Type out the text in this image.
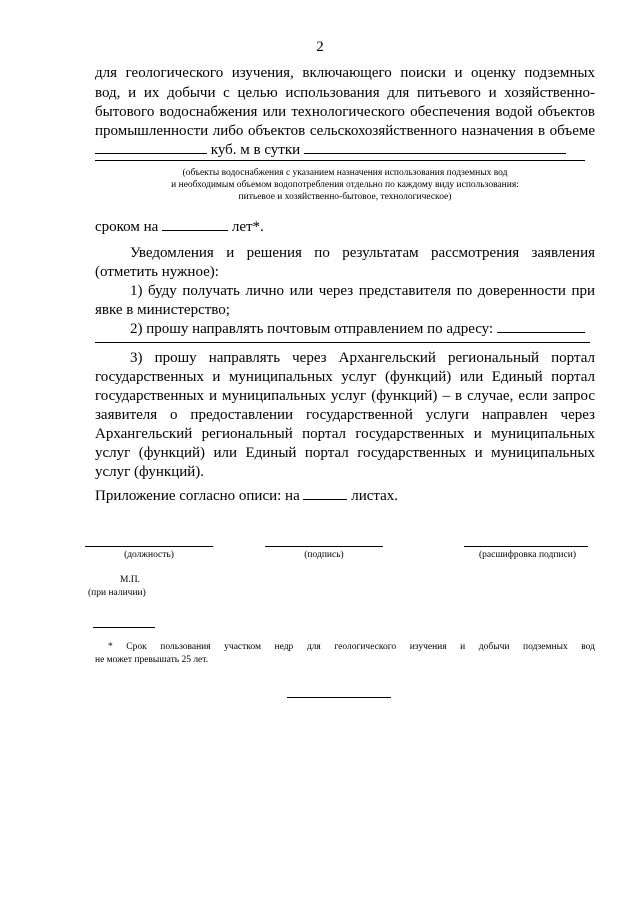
2
для геологического изучения, включающего поиски и оценку подземных
вод, и их добычи с целью использования для питьевого и хозяйственно-
бытового водоснабжения или технологического обеспечения водой объектов
промышленности либо объектов сельскохозяйственного назначения в объеме
куб. м в сутки
(объекты водоснабжения с указанием назначения использования подземных вод
и необходимым объемом водопотребления отдельно по каждому виду использования:
питьевое и хозяйственно-бытовое, технологическое)
сроком на	лет*.
Уведомления и решения по результатам рассмотрения заявления
(отметить нужное):
1) буду получать лично или через представителя по доверенности при
явке в министерство;
2) прошу направлять почтовым отправлением по адресу:
3) прошу направлять через Архангельский региональный портал
государственных и муниципальных услуг (функций) или Единый портал
государственных и муниципальных услуг (функций) – в случае, если запрос
заявителя о предоставлении государственной услуги направлен через
Архангельский региональный портал государственных и муниципальных
услуг (функций) или Единый портал государственных и муниципальных
услуг (функций).
Приложение согласно описи: на	листах.
(должность)	(подпись)	(расшифровка подписи)
М.П.
(при наличии)
* Срок пользования участком недр для геологического изучения и добычи подземных вод
не может превышать 25 лет.
